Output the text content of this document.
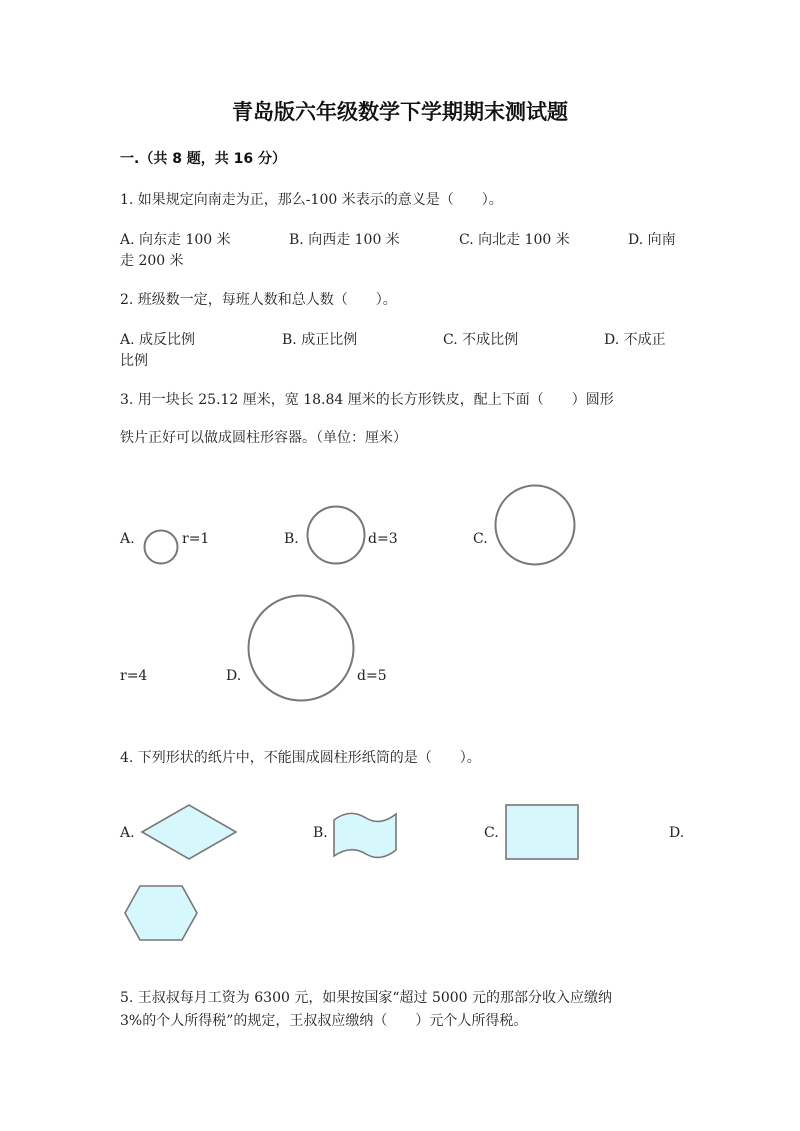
青岛版六年级数学下学期期末测试题
一.（共 8 题，共 16 分）
1. 如果规定向南走为正，那么-100 米表示的意义是（　　）。
A. 向东走 100 米	B. 向西走 100 米	C. 向北走 100 米	D. 向南
走 200 米
2. 班级数一定，每班人数和总人数（　　）。
A. 成反比例	B. 成正比例	C. 不成比例	D. 不成正
比例
3. 用一块长 25.12 厘米，宽 18.84 厘米的长方形铁皮，配上下面（　　）圆形
铁片正好可以做成圆柱形容器。（单位：厘米）
A.	r=1	B.	d=3	C.
r=4	D.	d=5
4. 下列形状的纸片中，不能围成圆柱形纸筒的是（　　）。
A.	B.	C.	D.
5. 王叔叔每月工资为 6300 元，如果按国家“超过 5000 元的那部分收入应缴纳
3%的个人所得税”的规定，王叔叔应缴纳（　　）元个人所得税。
